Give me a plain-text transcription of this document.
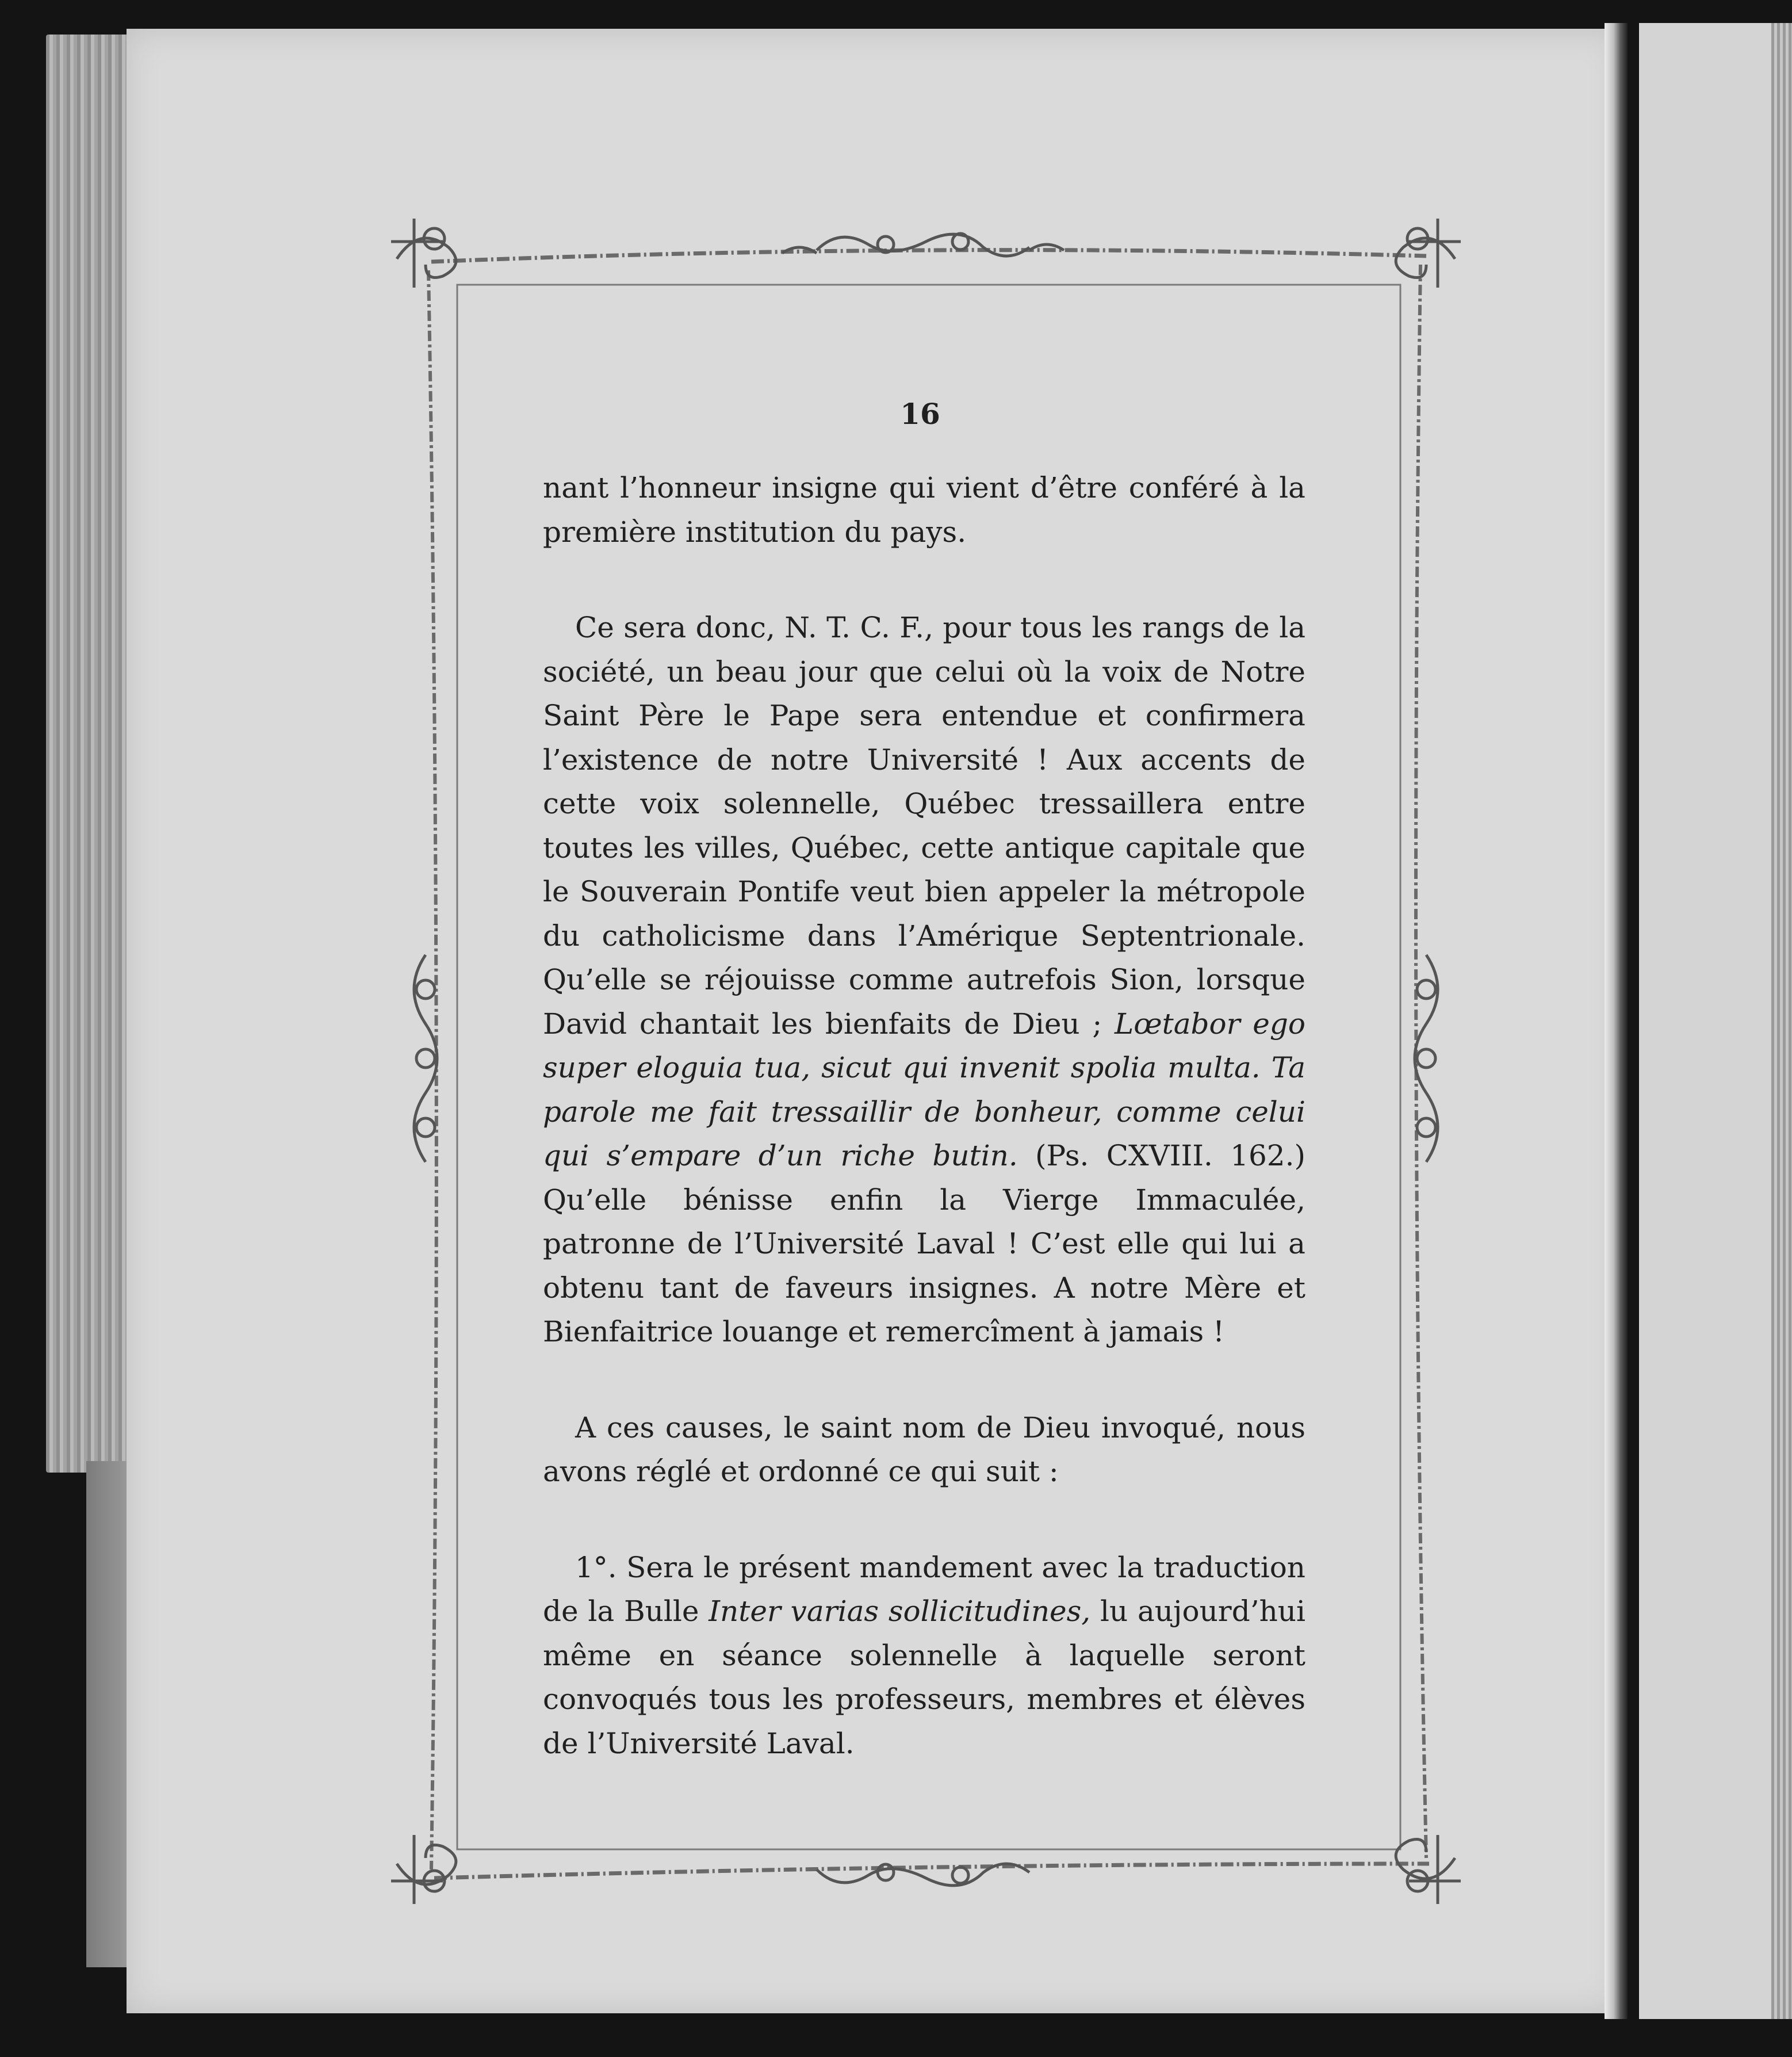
16

nant l’honneur insigne qui vient d’être conféré à la première institution du pays.

Ce sera donc, N. T. C. F., pour tous les rangs de la société, un beau jour que celui où la voix de Notre Saint Père le Pape sera entendue et confirmera l’existence de notre Université ! Aux accents de cette voix solennelle, Québec tressaillera entre toutes les villes, Québec, cette antique capitale que le Souverain Pontife veut bien appeler la métropole du catholicisme dans l’Amérique Septentrionale. Qu’elle se réjouisse comme autrefois Sion, lorsque David chantait les bienfaits de Dieu ; Lœtabor ego super eloguia tua, sicut qui invenit spolia multa. Ta parole me fait tressaillir de bonheur, comme celui qui s’empare d’un riche butin. (Ps. CXVIII. 162.) Qu’elle bénisse enfin la Vierge Immaculée, patronne de l’Université Laval ! C’est elle qui lui a obtenu tant de faveurs insignes. A notre Mère et Bienfaitrice louange et remercîment à jamais !

A ces causes, le saint nom de Dieu invoqué, nous avons réglé et ordonné ce qui suit :

1°. Sera le présent mandement avec la traduction de la Bulle Inter varias sollicitudines, lu aujourd’hui même en séance solennelle à laquelle seront convoqués tous les professeurs, membres et élèves de l’Université Laval.
